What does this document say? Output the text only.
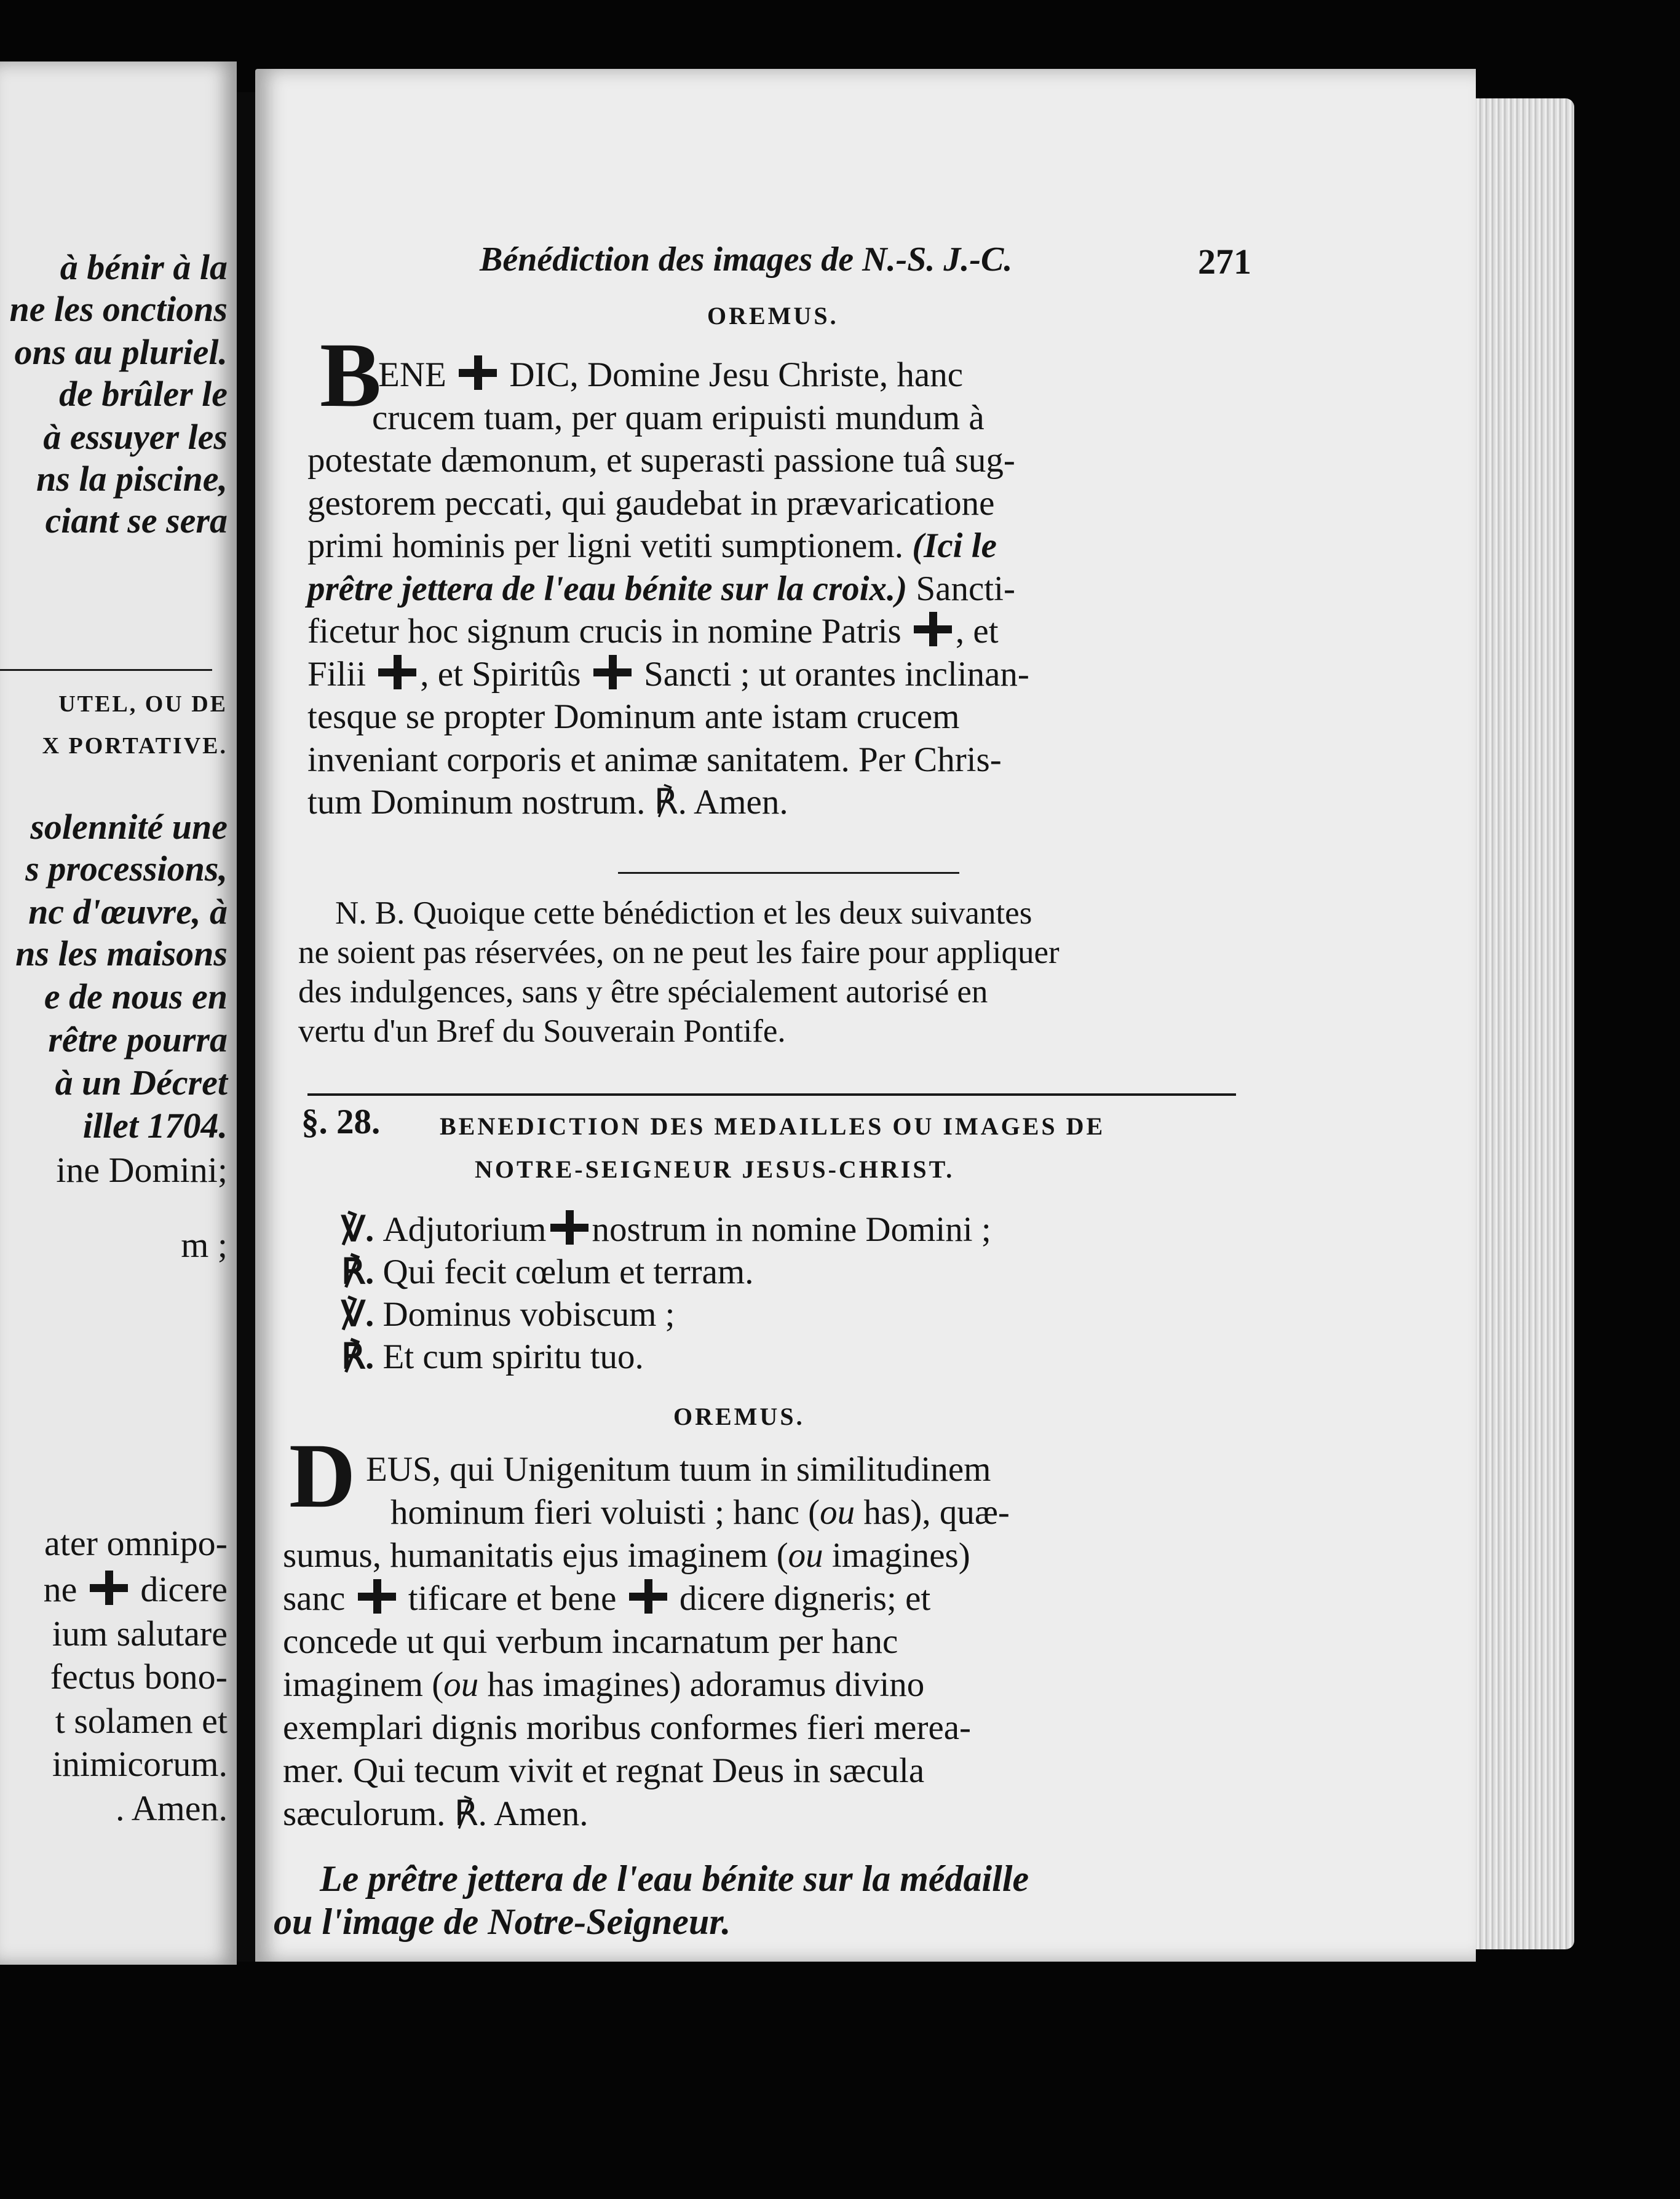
à bénir à la
ne les onctions
ons au pluriel.
de brûler le
à essuyer les
ns la piscine,
ciant se sera
UTEL, OU DE
X PORTATIVE.
solennité une
s processions,
nc d'œuvre, à
ns les maisons
e de nous en
rêtre pourra
à un Décret
illet 1704.
ine Domini;
m ;
ater omnipo-
ne  dicere
ium salutare
fectus bono-
t solamen et
inimicorum.
. Amen.
Bénédiction des images de N.-S. J.-C.	271
OREMUS.
B
ENE  DIC, Domine Jesu Christe, hanc
crucem tuam, per quam eripuisti mundum à
potestate dæmonum, et superasti passione tuâ sug-
gestorem peccati, qui gaudebat in prævaricatione
primi hominis per ligni vetiti sumptionem. (Ici le
prêtre jettera de l'eau bénite sur la croix.) Sancti-
ficetur hoc signum crucis in nomine Patris , et
Filii , et Spiritûs  Sancti ; ut orantes inclinan-
tesque se propter Dominum ante istam crucem
inveniant corporis et animæ sanitatem. Per Chris-
tum Dominum nostrum. ℟. Amen.
N. B. Quoique cette bénédiction et les deux suivantes
ne soient pas réservées, on ne peut les faire pour appliquer
des indulgences, sans y être spécialement autorisé en
vertu d'un Bref du Souverain Pontife.
§. 28. BENEDICTION DES MEDAILLES OU IMAGES DE
NOTRE-SEIGNEUR JESUS-CHRIST.
℣. Adjutorium nostrum in nomine Domini ;
℟. Qui fecit cœlum et terram.
℣. Dominus vobiscum ;
℟. Et cum spiritu tuo.
OREMUS.
D EUS, qui Unigenitum tuum in similitudinem
hominum fieri voluisti ; hanc (ou has), quæ-
sumus, humanitatis ejus imaginem (ou imagines)
sanc  tificare et bene  dicere digneris; et
concede ut qui verbum incarnatum per hanc
imaginem (ou has imagines) adoramus divino
exemplari dignis moribus conformes fieri merea-
mer. Qui tecum vivit et regnat Deus in sæcula
sæculorum. ℟. Amen.
Le prêtre jettera de l'eau bénite sur la médaille
ou l'image de Notre-Seigneur.
